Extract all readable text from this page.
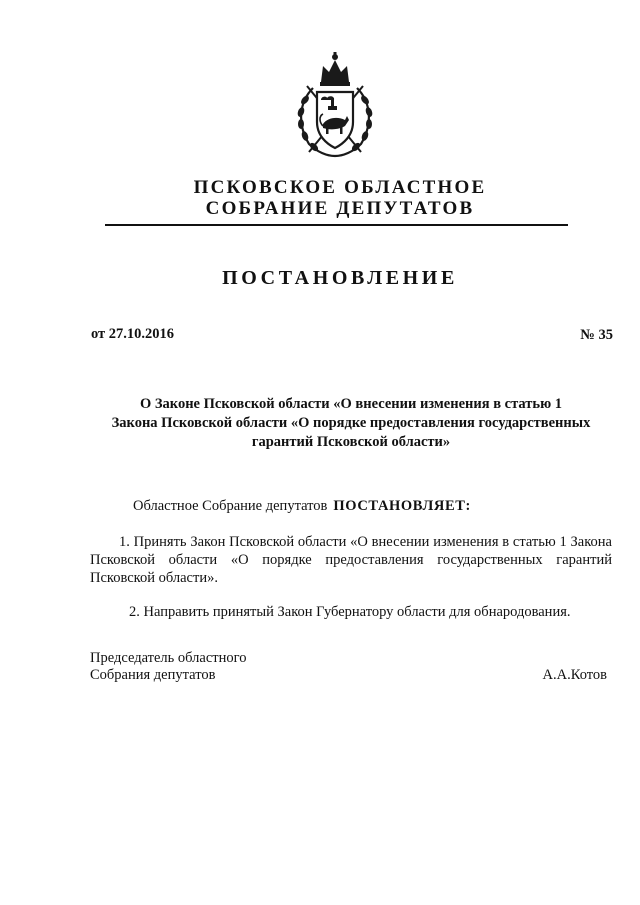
ПСКОВСКОЕ ОБЛАСТНОЕ
СОБРАНИЕ ДЕПУТАТОВ
ПОСТАНОВЛЕНИЕ
от 27.10.2016	№ 35
О Законе Псковской области «О внесении изменения в статью 1
Закона Псковской области «О порядке предоставления государственных
гарантий Псковской области»
Областное Собрание депутатов ПОСТАНОВЛЯЕТ:
1. Принять Закон Псковской области «О внесении изменения в статью 1 Закона Псковской области «О порядке предоставления государственных гарантий Псковской области».
2. Направить принятый Закон Губернатору области для обнародования.
Председатель областного
Собрания депутатов	А.А.Котов
